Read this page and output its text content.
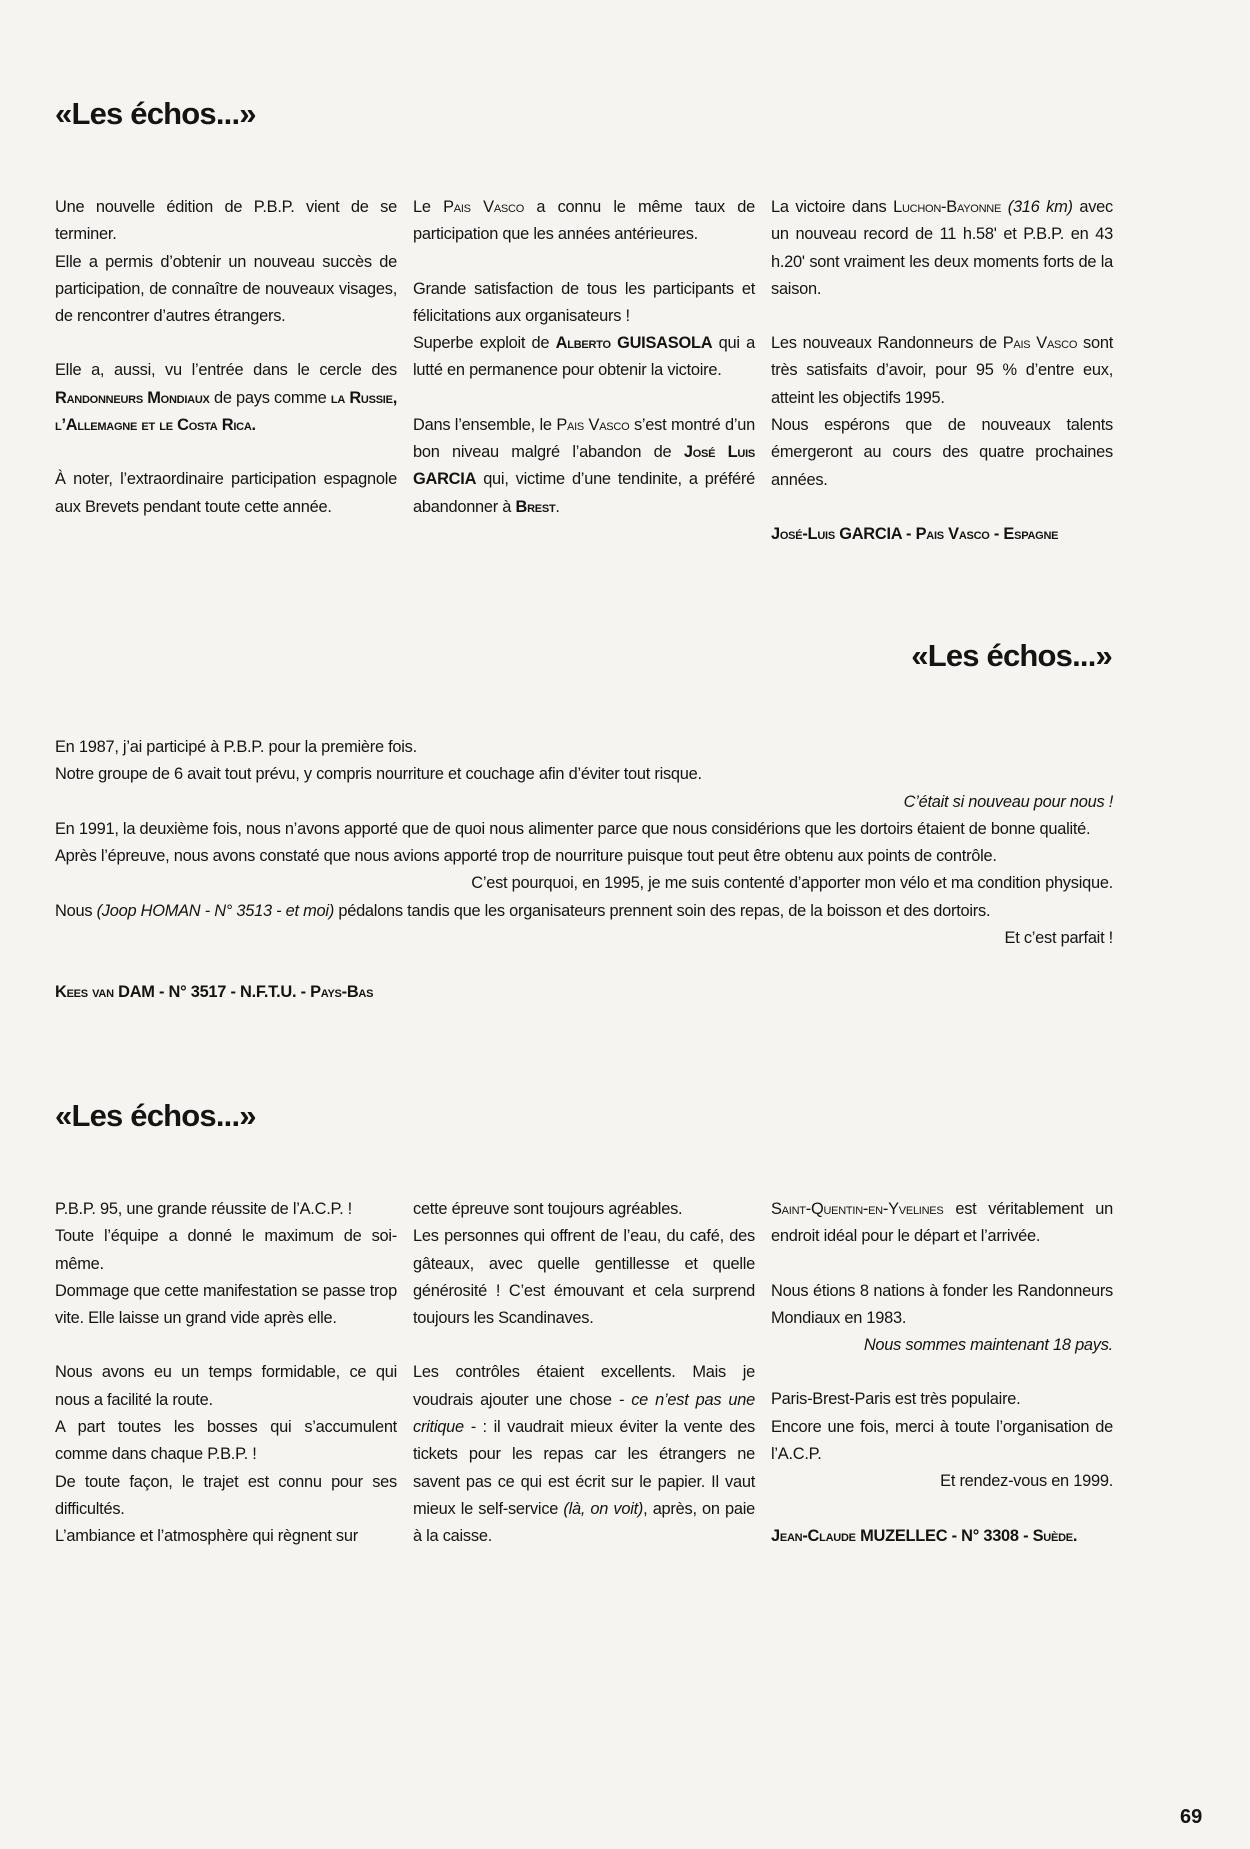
«Les échos...»

Une nouvelle édition de P.B.P. vient de se terminer.

Elle a permis d’obtenir un nouveau succès de participation, de connaître de nouveaux visages, de rencontrer d’autres étrangers.

Elle a, aussi, vu l’entrée dans le cercle des Randonneurs Mondiaux de pays comme la Russie, l’Allemagne et le Costa Rica.

À noter, l’extraordinaire participation espagnole aux Brevets pendant toute cette année.

Le Pais Vasco a connu le même taux de participation que les années antérieures.

Grande satisfaction de tous les participants et félicitations aux organisateurs !

Superbe exploit de Alberto GUISASOLA qui a lutté en permanence pour obtenir la victoire.

Dans l’ensemble, le Pais Vasco s’est montré d’un bon niveau malgré l’abandon de José Luis GARCIA qui, victime d’une tendinite, a préféré abandonner à Brest.

La victoire dans Luchon-Bayonne (316 km) avec un nouveau record de 11 h.58' et P.B.P. en 43 h.20' sont vraiment les deux moments forts de la saison.

Les nouveaux Randonneurs de Pais Vasco sont très satisfaits d’avoir, pour 95 % d’entre eux, atteint les objectifs 1995.

Nous espérons que de nouveaux talents émergeront au cours des quatre prochaines années.

José-Luis GARCIA - Pais Vasco - Espagne

«Les échos...»

En 1987, j’ai participé à P.B.P. pour la première fois.

Notre groupe de 6 avait tout prévu, y compris nourriture et couchage afin d’éviter tout risque.

C’était si nouveau pour nous !

En 1991, la deuxième fois, nous n’avons apporté que de quoi nous alimenter parce que nous considérions que les dortoirs étaient de bonne qualité.

Après l’épreuve, nous avons constaté que nous avions apporté trop de nourriture puisque tout peut être obtenu aux points de contrôle.

C’est pourquoi, en 1995, je me suis contenté d’apporter mon vélo et ma condition physique.

Nous (Joop HOMAN - N° 3513 - et moi) pédalons tandis que les organisateurs prennent soin des repas, de la boisson et des dortoirs.

Et c’est parfait !

Kees van DAM - N° 3517 - N.F.T.U. - Pays-Bas

«Les échos...»

P.B.P. 95, une grande réussite de l’A.C.P. !

Toute l’équipe a donné le maximum de soi-même.

Dommage que cette manifestation se passe trop vite. Elle laisse un grand vide après elle.

Nous avons eu un temps formidable, ce qui nous a facilité la route.

A part toutes les bosses qui s’accumulent comme dans chaque P.B.P. !

De toute façon, le trajet est connu pour ses difficultés.

L’ambiance et l’atmosphère qui règnent sur

cette épreuve sont toujours agréables.

Les personnes qui offrent de l’eau, du café, des gâteaux, avec quelle gentillesse et quelle générosité ! C’est émouvant et cela surprend toujours les Scandinaves.

Les contrôles étaient excellents. Mais je voudrais ajouter une chose - ce n’est pas une critique - : il vaudrait mieux éviter la vente des tickets pour les repas car les étrangers ne savent pas ce qui est écrit sur le papier. Il vaut mieux le self-service (là, on voit), après, on paie à la caisse.

Saint-Quentin-en-Yvelines est véritablement un endroit idéal pour le départ et l’arrivée.

Nous étions 8 nations à fonder les Randonneurs Mondiaux en 1983.

Nous sommes maintenant 18 pays.

Paris-Brest-Paris est très populaire.

Encore une fois, merci à toute l’organisation de l’A.C.P.

Et rendez-vous en 1999.

Jean-Claude MUZELLEC - N° 3308 - Suède.

69
